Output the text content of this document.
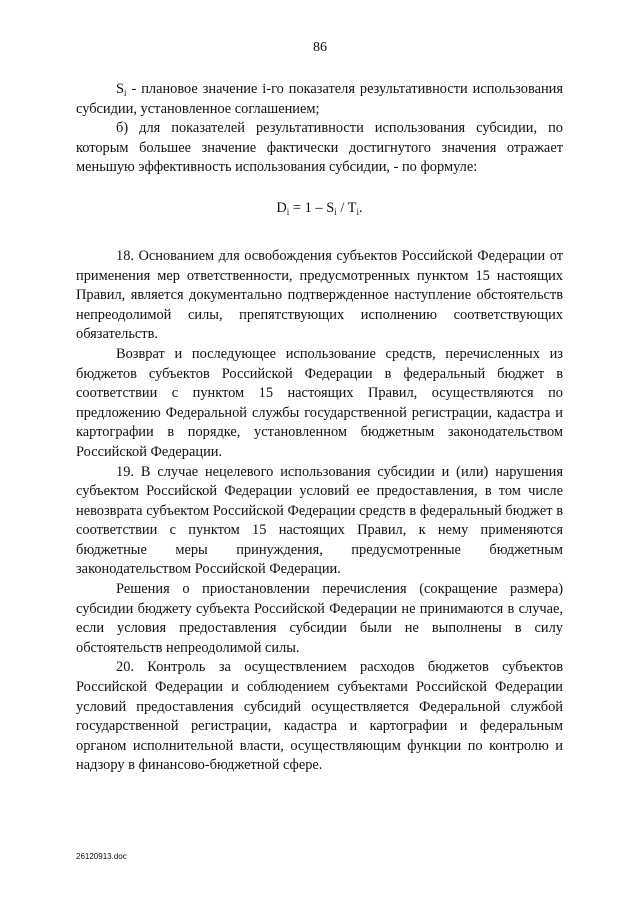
86

$S_i$ - плановое значение i-го показателя результативности использования субсидии, установленное соглашением;

б) для показателей результативности использования субсидии, по которым большее значение фактически достигнутого значения отражает меньшую эффективность использования субсидии, - по формуле:

$D_i = 1 - S_i / T_i$.

18. Основанием для освобождения субъектов Российской Федерации от применения мер ответственности, предусмотренных пунктом 15 настоящих Правил, является документально подтвержденное наступление обстоятельств непреодолимой силы, препятствующих исполнению соответствующих обязательств.

Возврат и последующее использование средств, перечисленных из бюджетов субъектов Российской Федерации в федеральный бюджет в соответствии с пунктом 15 настоящих Правил, осуществляются по предложению Федеральной службы государственной регистрации, кадастра и картографии в порядке, установленном бюджетным законодательством Российской Федерации.

19. В случае нецелевого использования субсидии и (или) нарушения субъектом Российской Федерации условий ее предоставления, в том числе невозврата субъектом Российской Федерации средств в федеральный бюджет в соответствии с пунктом 15 настоящих Правил, к нему применяются бюджетные меры принуждения, предусмотренные бюджетным законодательством Российской Федерации.

Решения о приостановлении перечисления (сокращение размера) субсидии бюджету субъекта Российской Федерации не принимаются в случае, если условия предоставления субсидии были не выполнены в силу обстоятельств непреодолимой силы.

20. Контроль за осуществлением расходов бюджетов субъектов Российской Федерации и соблюдением субъектами Российской Федерации условий предоставления субсидий осуществляется Федеральной службой государственной регистрации, кадастра и картографии и федеральным органом исполнительной власти, осуществляющим функции по контролю и надзору в финансово-бюджетной сфере.

26120913.doc
